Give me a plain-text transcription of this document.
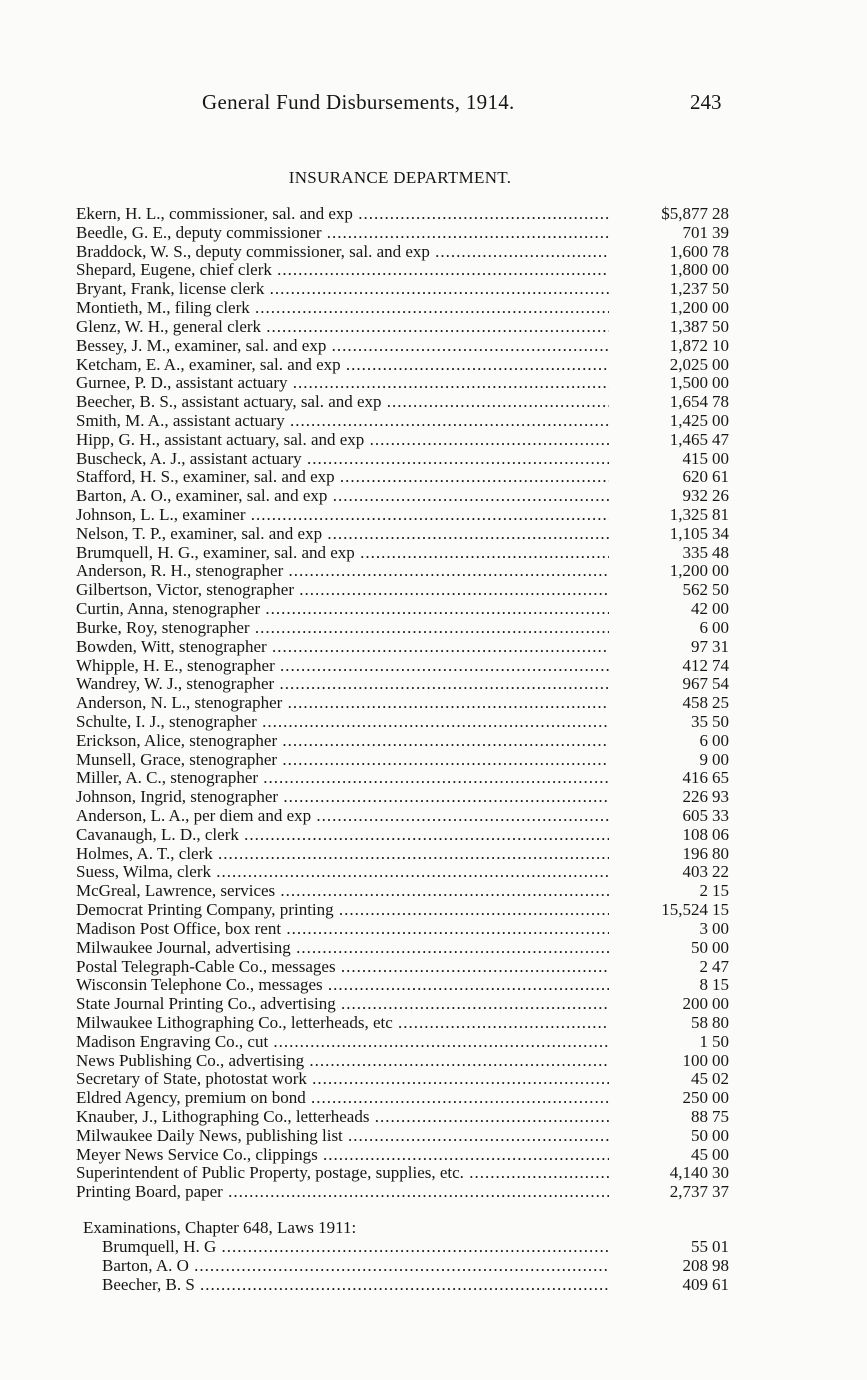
General Fund Disbursements, 1914.	243
INSURANCE DEPARTMENT.
Ekern, H. L., commissioner, sal. and exp .....	$5,877 28
Beedle, G. E., deputy commissioner .....	701 39
Braddock, W. S., deputy commissioner, sal. and exp .....	1,600 78
Shepard, Eugene, chief clerk .....	1,800 00
Bryant, Frank, license clerk .....	1,237 50
Montieth, M., filing clerk .....	1,200 00
Glenz, W. H., general clerk .....	1,387 50
Bessey, J. M., examiner, sal. and exp .....	1,872 10
Ketcham, E. A., examiner, sal. and exp .....	2,025 00
Gurnee, P. D., assistant actuary .....	1,500 00
Beecher, B. S., assistant actuary, sal. and exp .....	1,654 78
Smith, M. A., assistant actuary .....	1,425 00
Hipp, G. H., assistant actuary, sal. and exp .....	1,465 47
Buscheck, A. J., assistant actuary .....	415 00
Stafford, H. S., examiner, sal. and exp .....	620 61
Barton, A. O., examiner, sal. and exp .....	932 26
Johnson, L. L., examiner .....	1,325 81
Nelson, T. P., examiner, sal. and exp .....	1,105 34
Brumquell, H. G., examiner, sal. and exp .....	335 48
Anderson, R. H., stenographer .....	1,200 00
Gilbertson, Victor, stenographer .....	562 50
Curtin, Anna, stenographer .....	42 00
Burke, Roy, stenographer .....	6 00
Bowden, Witt, stenographer .....	97 31
Whipple, H. E., stenographer .....	412 74
Wandrey, W. J., stenographer .....	967 54
Anderson, N. L., stenographer .....	458 25
Schulte, I. J., stenographer .....	35 50
Erickson, Alice, stenographer .....	6 00
Munsell, Grace, stenographer .....	9 00
Miller, A. C., stenographer .....	416 65
Johnson, Ingrid, stenographer .....	226 93
Anderson, L. A., per diem and exp .....	605 33
Cavanaugh, L. D., clerk .....	108 06
Holmes, A. T., clerk .....	196 80
Suess, Wilma, clerk .....	403 22
McGreal, Lawrence, services .....	2 15
Democrat Printing Company, printing .....	15,524 15
Madison Post Office, box rent .....	3 00
Milwaukee Journal, advertising .....	50 00
Postal Telegraph-Cable Co., messages .....	2 47
Wisconsin Telephone Co., messages .....	8 15
State Journal Printing Co., advertising .....	200 00
Milwaukee Lithographing Co., letterheads, etc .....	58 80
Madison Engraving Co., cut .....	1 50
News Publishing Co., advertising .....	100 00
Secretary of State, photostat work .....	45 02
Eldred Agency, premium on bond .....	250 00
Knauber, J., Lithographing Co., letterheads .....	88 75
Milwaukee Daily News, publishing list .....	50 00
Meyer News Service Co., clippings .....	45 00
Superintendent of Public Property, postage, supplies, etc. .....	4,140 30
Printing Board, paper .....	2,737 37
Examinations, Chapter 648, Laws 1911:
Brumquell, H. G .....	55 01
Barton, A. O .....	208 98
Beecher, B. S .....	409 61
